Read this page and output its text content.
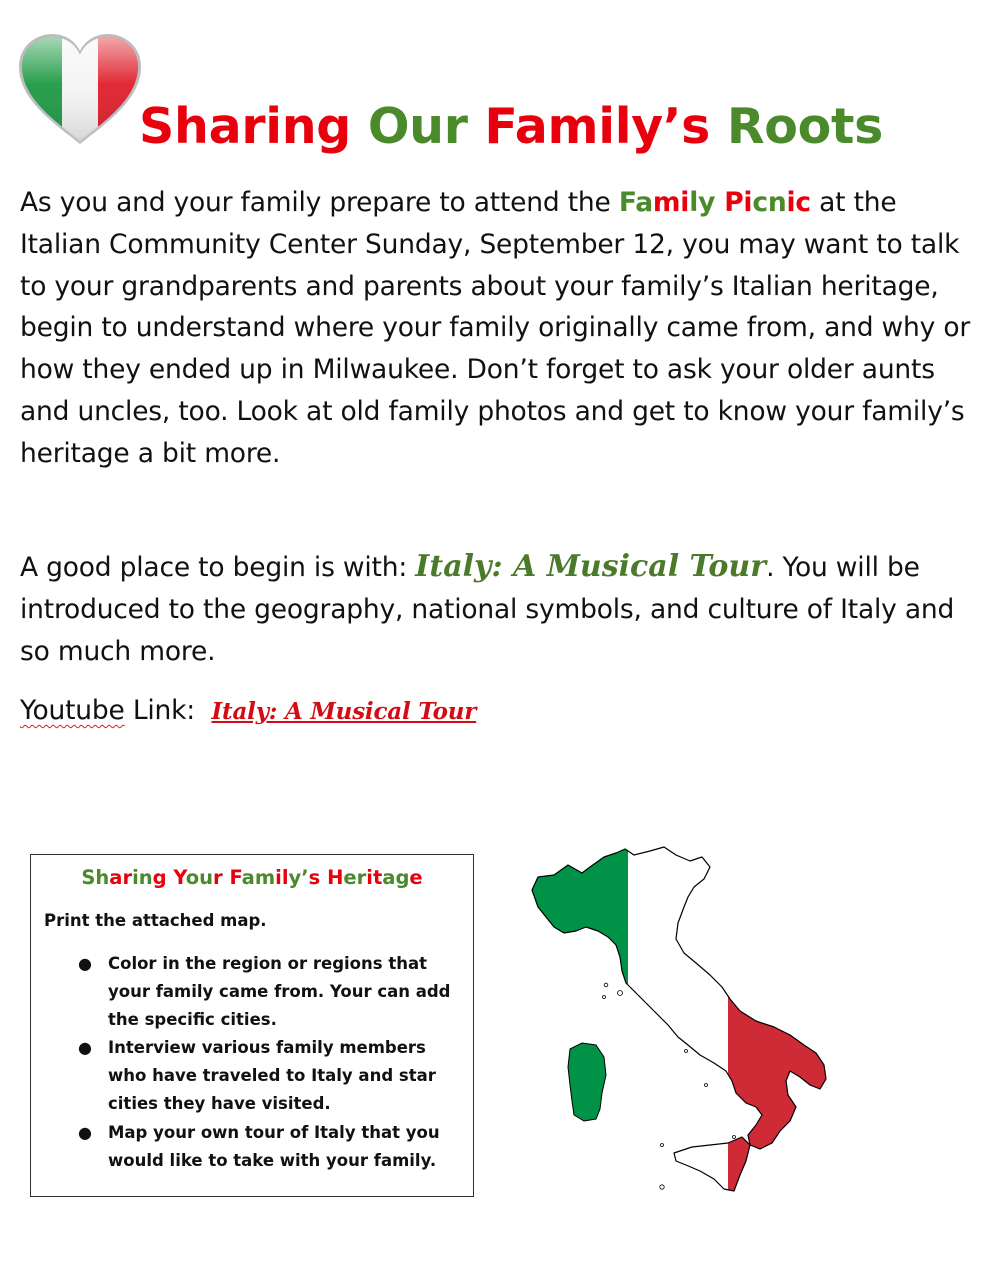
Sharing Our Family’s Roots

As you and your family prepare to attend the Family Picnic at the Italian Community Center Sunday, September 12, you may want to talk to your grandparents and parents about your family’s Italian heritage, begin to understand where your family originally came from, and why or how they ended up in Milwaukee. Don’t forget to ask your older aunts and uncles, too. Look at old family photos and get to know your family’s heritage a bit more.

A good place to begin is with: Italy: A Musical Tour. You will be introduced to the geography, national symbols, and culture of Italy and so much more.

Youtube Link:  Italy: A Musical Tour

Sharing Your Family’s Heritage

Print the attached map.

● Color in the region or regions that your family came from. Your can add the specific cities.
● Interview various family members who have traveled to Italy and star cities they have visited.
● Map your own tour of Italy that you would like to take with your family.
